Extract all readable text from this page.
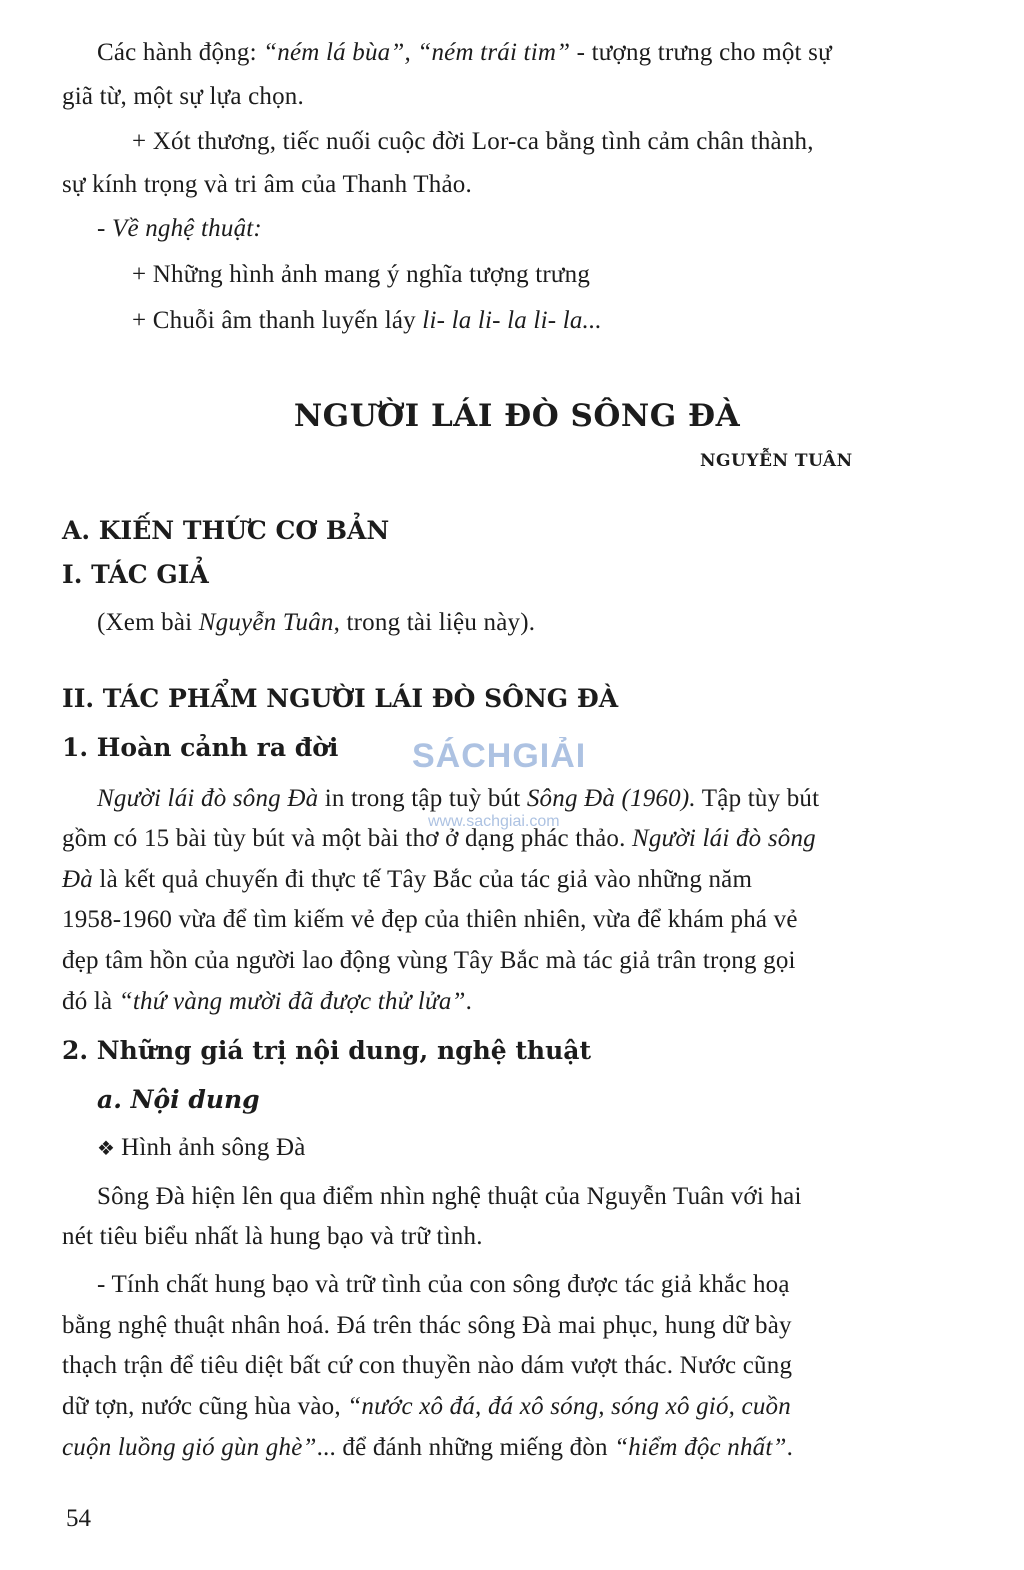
Các hành động: “ném lá bùa”, “ném trái tim” - tượng trưng cho một sự

giã từ, một sự lựa chọn.

+ Xót thương, tiếc nuối cuộc đời Lor-ca bằng tình cảm chân thành,

sự kính trọng và tri âm của Thanh Thảo.

- Về nghệ thuật:

+ Những hình ảnh mang ý nghĩa tượng trưng

+ Chuỗi âm thanh luyến láy li- la li- la li- la...

NGƯỜI LÁI ĐÒ SÔNG ĐÀ

NGUYỄN TUÂN

A. KIẾN THỨC CƠ BẢN

I. TÁC GIẢ

(Xem bài Nguyễn Tuân, trong tài liệu này).

II. TÁC PHẨM NGƯỜI LÁI ĐÒ SÔNG ĐÀ

1. Hoàn cảnh ra đời SÁCHGIẢI
www.sachgiai.com

Người lái đò sông Đà in trong tập tuỳ bút Sông Đà (1960). Tập tùy bút

gồm có 15 bài tùy bút và một bài thơ ở dạng phác thảo. Người lái đò sông

Đà là kết quả chuyến đi thực tế Tây Bắc của tác giả vào những năm

1958-1960 vừa để tìm kiếm vẻ đẹp của thiên nhiên, vừa để khám phá vẻ

đẹp tâm hồn của người lao động vùng Tây Bắc mà tác giả trân trọng gọi

đó là “thứ vàng mười đã được thử lửa”.

2. Những giá trị nội dung, nghệ thuật

a. Nội dung

❖ Hình ảnh sông Đà

Sông Đà hiện lên qua điểm nhìn nghệ thuật của Nguyễn Tuân với hai

nét tiêu biểu nhất là hung bạo và trữ tình.

- Tính chất hung bạo và trữ tình của con sông được tác giả khắc hoạ

bằng nghệ thuật nhân hoá. Đá trên thác sông Đà mai phục, hung dữ bày

thạch trận để tiêu diệt bất cứ con thuyền nào dám vượt thác. Nước cũng

dữ tợn, nước cũng hùa vào, “nước xô đá, đá xô sóng, sóng xô gió, cuồn

cuộn luồng gió gùn ghè”... để đánh những miếng đòn “hiểm độc nhất”.

54
